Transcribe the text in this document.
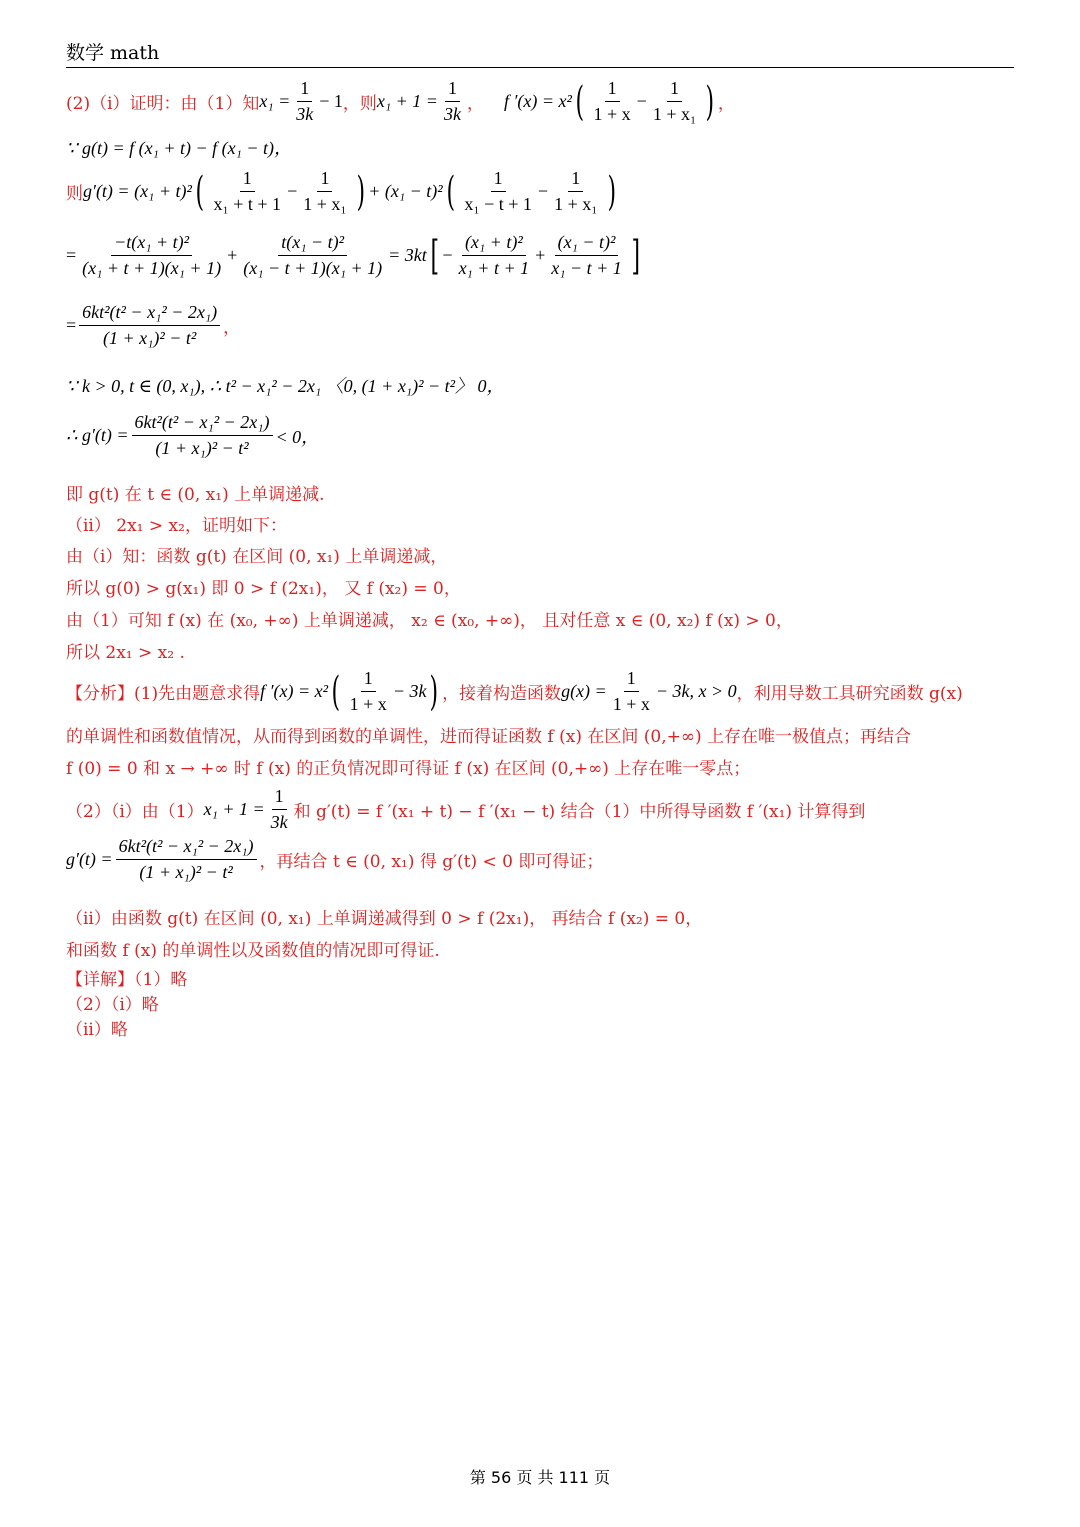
数学 math
(2)（i）证明：由（1）知 $x_1 = \frac{1}{3k} - 1$ ，则 $x_1 + 1 = \frac{1}{3k}$ ， f ′(x) = x² ( $\frac{1}{1 + x} - \frac{1}{\text{1 + x₁}}$ ) ，
∵ g(t) = f (x₁ + t) − f (x₁ − t)，
则 g′(t) = (x₁ + t)² ( $\frac{1}{\text{x₁ + t + 1}} - \frac{1}{\text{1 + x₁}}$ ) + (x₁ − t)² ( $\frac{1}{\text{x₁ − t + 1}} - \frac{1}{\text{1 + x₁}}$ )
= $\frac{\text{−t(x₁ + t)²}}{\text{(x₁ + t + 1)(x₁ + 1)}} + \frac{\text{t(x₁ − t)²}}{\text{(x₁ − t + 1)(x₁ + 1)}} = 3kt$ [ − $\frac{\text{(x₁ + t)²}}{\text{x₁ + t + 1}} + \frac{\text{(x₁ − t)²}}{\text{x₁ − t + 1}}$ ]
= $\frac{\text{6kt²(t² − x₁² − 2x₁)}}{\text{(1 + x₁)² − t²}}$ ，
∵ k > 0, t ∈ (0, x₁), ∴ t² − x₁² − 2x₁ 〈0, (1 + x₁)² − t²〉 0，
∴ $g'(t) = \frac{\text{6kt²(t² − x₁² − 2x₁)}}{\text{(1 + x₁)² − t²}} < 0$，
即 g(t) 在 t ∈ (0, x₁) 上单调递减.
（ii） 2x₁ > x₂，证明如下：
由（i）知：函数 g(t) 在区间 (0, x₁) 上单调递减，
所以 g(0) > g(x₁) 即 0 > f (2x₁)， 又 f (x₂) = 0，
由（1）可知 f (x) 在 (x₀, +∞) 上单调递减， x₂ ∈ (x₀, +∞)， 且对任意 x ∈ (0, x₂) f (x) > 0，
所以 2x₁ > x₂ .
【分析】(1)先由题意求得 f ′(x) = x² ( $\frac{1}{1 + x} - 3k$ ) ，接着构造函数 $g(x) = \frac{1}{1 + x} - 3k$, x > 0 ，利用导数工具研究函数 g(x)
的单调性和函数值情况，从而得到函数的单调性，进而得证函数 f (x) 在区间 (0,+∞) 上存在唯一极值点；再结合
f (0) = 0 和 x → +∞ 时 f (x) 的正负情况即可得证 f (x) 在区间 (0,+∞) 上存在唯一零点；
（2）（i）由（1） $x_1 + 1 = \frac{1}{3k}$ 和 g′(t) = f ′(x₁ + t) − f ′(x₁ − t) 结合（1）中所得导函数 f ′(x₁) 计算得到
$g'(t) = \frac{\text{6kt²(t² − x₁² − 2x₁)}}{\text{(1 + x₁)² − t²}}$ ，再结合 t ∈ (0, x₁) 得 g′(t) < 0 即可得证；
（ii）由函数 g(t) 在区间 (0, x₁) 上单调递减得到 0 > f (2x₁)， 再结合 f (x₂) = 0，
和函数 f (x) 的单调性以及函数值的情况即可得证.
【详解】（1）略
（2）（i）略
（ii）略
第 56 页 共 111 页
